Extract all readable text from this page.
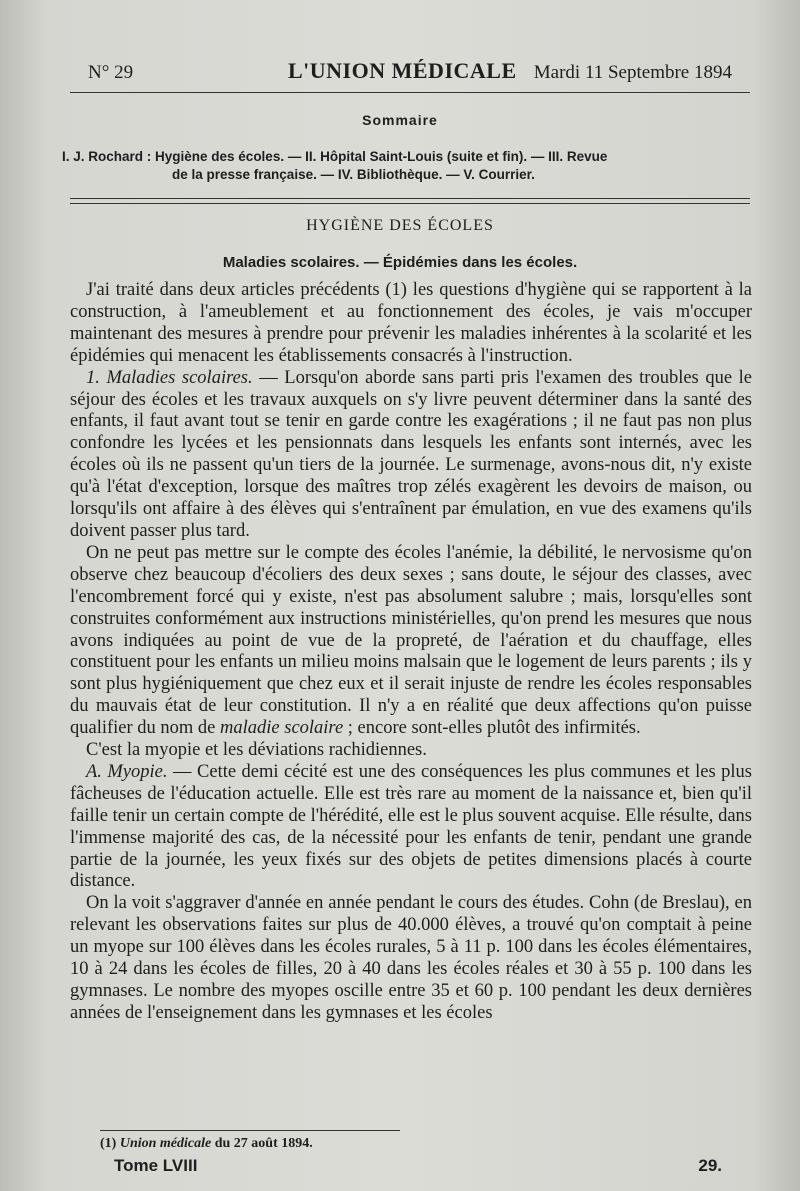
N° 29	L'UNION MÉDICALE Mardi 11 Septembre 1894
Sommaire
I. J. Rochard : Hygiène des écoles. — II. Hôpital Saint-Louis (suite et fin). — III. Revue
de la presse française. — IV. Bibliothèque. — V. Courrier.
HYGIÈNE DES ÉCOLES
Maladies scolaires. — Épidémies dans les écoles.

J'ai traité dans deux articles précédents (1) les questions d'hygiène qui se rapportent à la construction, à l'ameublement et au fonctionnement des écoles, je vais m'occuper maintenant des mesures à prendre pour prévenir les maladies inhérentes à la scolarité et les épidémies qui menacent les établissements consacrés à l'instruction.

1. Maladies scolaires. — Lorsqu'on aborde sans parti pris l'examen des troubles que le séjour des écoles et les travaux auxquels on s'y livre peuvent déterminer dans la santé des enfants, il faut avant tout se tenir en garde contre les exagérations ; il ne faut pas non plus confondre les lycées et les pensionnats dans lesquels les enfants sont internés, avec les écoles où ils ne passent qu'un tiers de la journée. Le surmenage, avons-nous dit, n'y existe qu'à l'état d'exception, lorsque des maîtres trop zélés exagèrent les devoirs de maison, ou lorsqu'ils ont affaire à des élèves qui s'entraînent par émulation, en vue des examens qu'ils doivent passer plus tard.

On ne peut pas mettre sur le compte des écoles l'anémie, la débilité, le nervosisme qu'on observe chez beaucoup d'écoliers des deux sexes ; sans doute, le séjour des classes, avec l'encombrement forcé qui y existe, n'est pas absolument salubre ; mais, lorsqu'elles sont construites conformément aux instructions ministérielles, qu'on prend les mesures que nous avons indiquées au point de vue de la propreté, de l'aération et du chauffage, elles constituent pour les enfants un milieu moins malsain que le logement de leurs parents ; ils y sont plus hygiéniquement que chez eux et il serait injuste de rendre les écoles responsables du mauvais état de leur constitution. Il n'y a en réalité que deux affections qu'on puisse qualifier du nom de maladie scolaire ; encore sont-elles plutôt des infirmités.

C'est la myopie et les déviations rachidiennes.

A. Myopie. — Cette demi cécité est une des conséquences les plus communes et les plus fâcheuses de l'éducation actuelle. Elle est très rare au moment de la naissance et, bien qu'il faille tenir un certain compte de l'hérédité, elle est le plus souvent acquise. Elle résulte, dans l'immense majorité des cas, de la nécessité pour les enfants de tenir, pendant une grande partie de la journée, les yeux fixés sur des objets de petites dimensions placés à courte distance.

On la voit s'aggraver d'année en année pendant le cours des études. Cohn (de Breslau), en relevant les observations faites sur plus de 40.000 élèves, a trouvé qu'on comptait à peine un myope sur 100 élèves dans les écoles rurales, 5 à 11 p. 100 dans les écoles élémentaires, 10 à 24 dans les écoles de filles, 20 à 40 dans les écoles réales et 30 à 55 p. 100 dans les gymnases. Le nombre des myopes oscille entre 35 et 60 p. 100 pendant les deux dernières années de l'enseignement dans les gymnases et les écoles

(1) Union médicale du 27 août 1894.
Tome LVIII	29.
